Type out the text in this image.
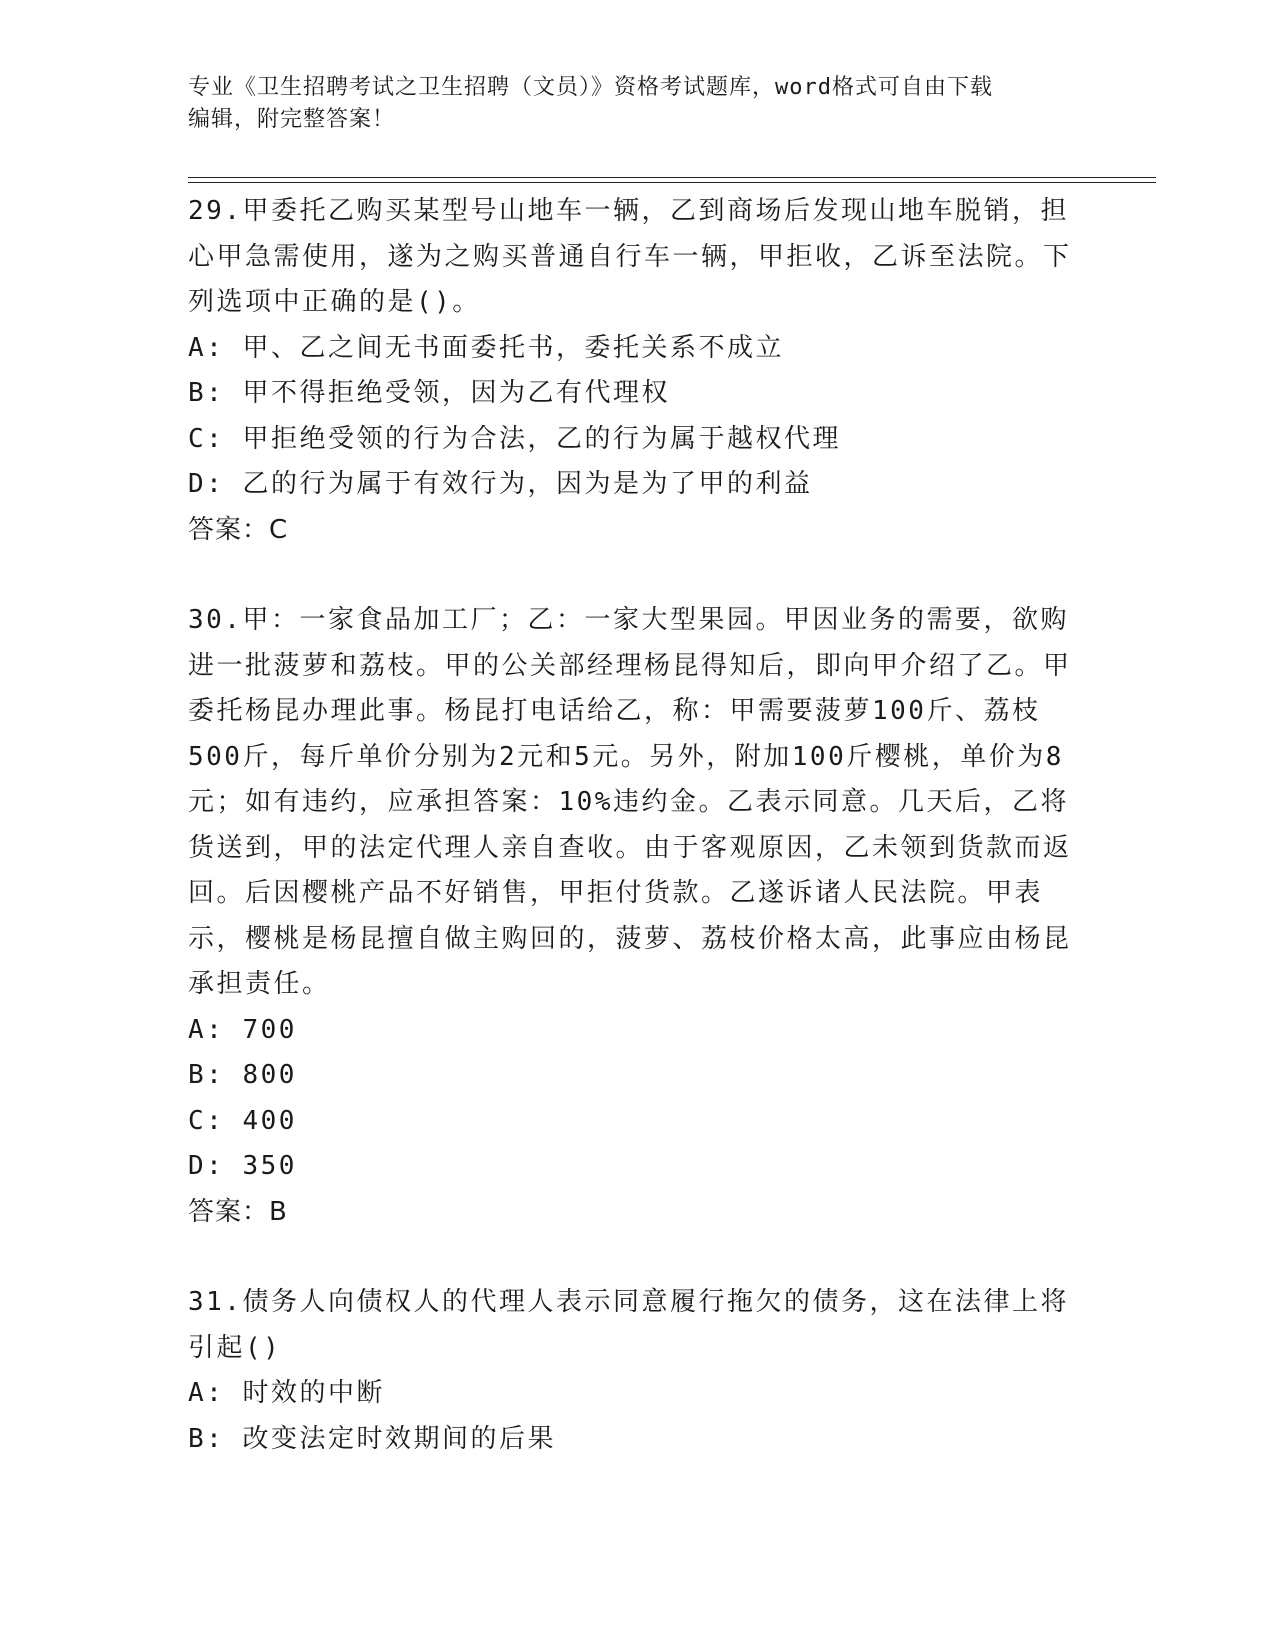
专业《卫生招聘考试之卫生招聘（文员）》资格考试题库，word格式可自由下载
编辑，附完整答案！

29.甲委托乙购买某型号山地车一辆，乙到商场后发现山地车脱销，担心甲急需使用，遂为之购买普通自行车一辆，甲拒收，乙诉至法院。下列选项中正确的是()。

A: 甲、乙之间无书面委托书，委托关系不成立

B: 甲不得拒绝受领，因为乙有代理权

C: 甲拒绝受领的行为合法，乙的行为属于越权代理

D: 乙的行为属于有效行为，因为是为了甲的利益

答案：C

30.甲：一家食品加工厂；乙：一家大型果园。甲因业务的需要，欲购进一批菠萝和荔枝。甲的公关部经理杨昆得知后，即向甲介绍了乙。甲委托杨昆办理此事。杨昆打电话给乙，称：甲需要菠萝100斤、荔枝500斤，每斤单价分别为2元和5元。另外，附加100斤樱桃，单价为8元；如有违约，应承担答案：10%违约金。乙表示同意。几天后，乙将货送到，甲的法定代理人亲自查收。由于客观原因，乙未领到货款而返回。后因樱桃产品不好销售，甲拒付货款。乙遂诉诸人民法院。甲表示，樱桃是杨昆擅自做主购回的，菠萝、荔枝价格太高，此事应由杨昆承担责任。

A: 700

B: 800

C: 400

D: 350

答案：B

31.债务人向债权人的代理人表示同意履行拖欠的债务，这在法律上将引起()

A: 时效的中断

B: 改变法定时效期间的后果
